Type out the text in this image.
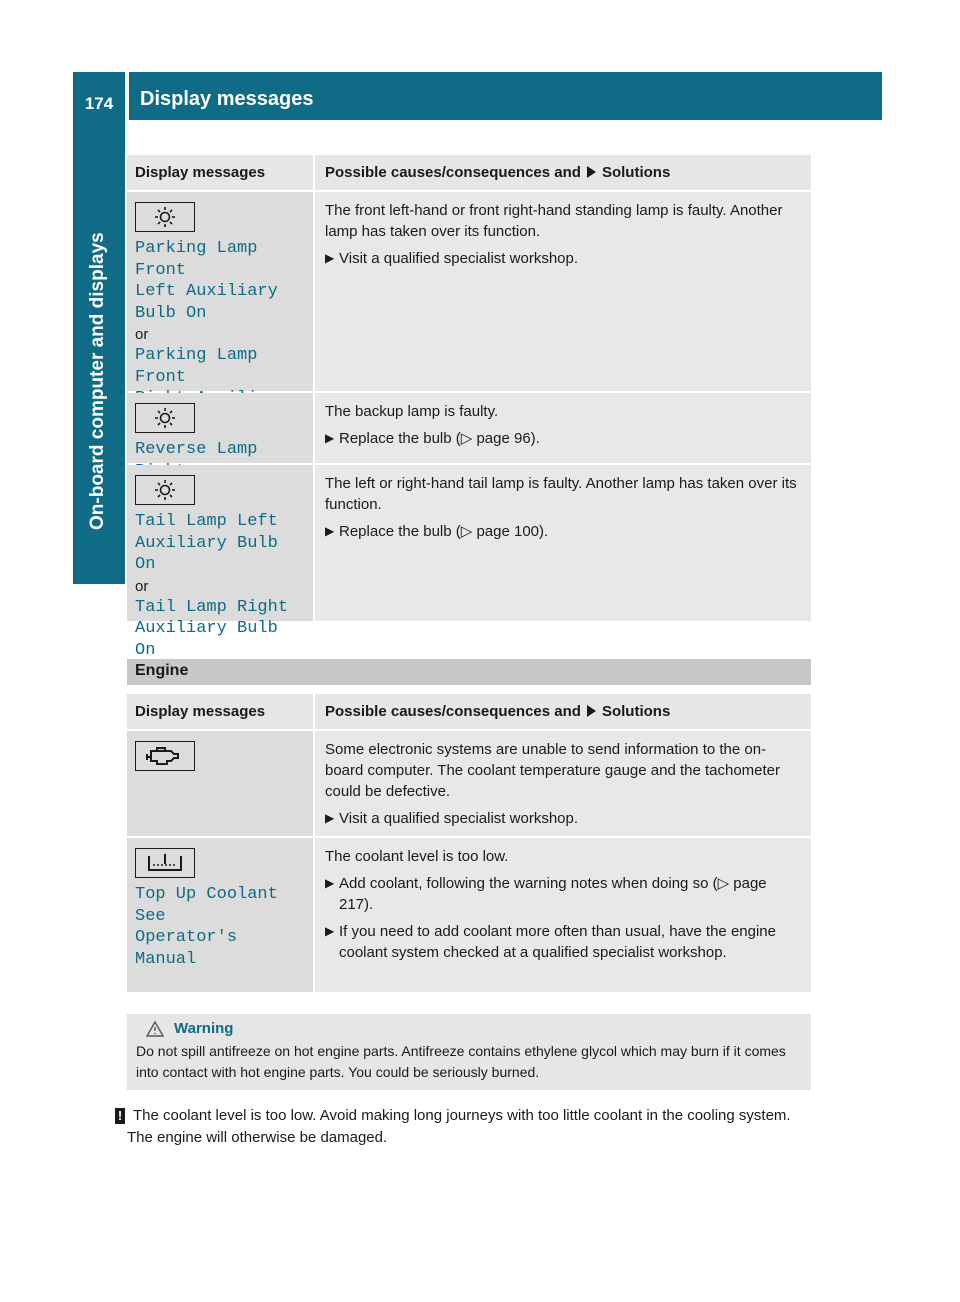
174	Display messages
On-board computer and displays
Display messages	Possible causes/consequences and Solutions
Parking Lamp Front
Left Auxiliary
Bulb On
or
Parking Lamp Front
The front left-hand or front right-hand standing lamp is faulty. Another lamp has taken over its function.
▶ Visit a qualified specialist workshop.
Reverse Lamp
The backup lamp is faulty.
▶ Replace the bulb (▷ page 96).
Tail Lamp Left
Auxiliary Bulb On
or
Tail Lamp Right
Auxiliary Bulb On
The left or right-hand tail lamp is faulty. Another lamp has taken over its function.
▶ Replace the bulb (▷ page 100).
Engine
Display messages	Possible causes/consequences and Solutions
Some electronic systems are unable to send information to the on-board computer. The coolant temperature gauge and the tachometer could be defective.
▶ Visit a qualified specialist workshop.
Top Up Coolant See
Operator's Manual
The coolant level is too low.
▶ Add coolant, following the warning notes when doing so (▷ page 217).
▶ If you need to add coolant more often than usual, have the engine coolant system checked at a qualified specialist workshop.
Warning
Do not spill antifreeze on hot engine parts. Antifreeze contains ethylene glycol which may burn if it comes into contact with hot engine parts. You could be seriously burned.
! The coolant level is too low. Avoid making long journeys with too little coolant in the cooling system. The engine will otherwise be damaged.
